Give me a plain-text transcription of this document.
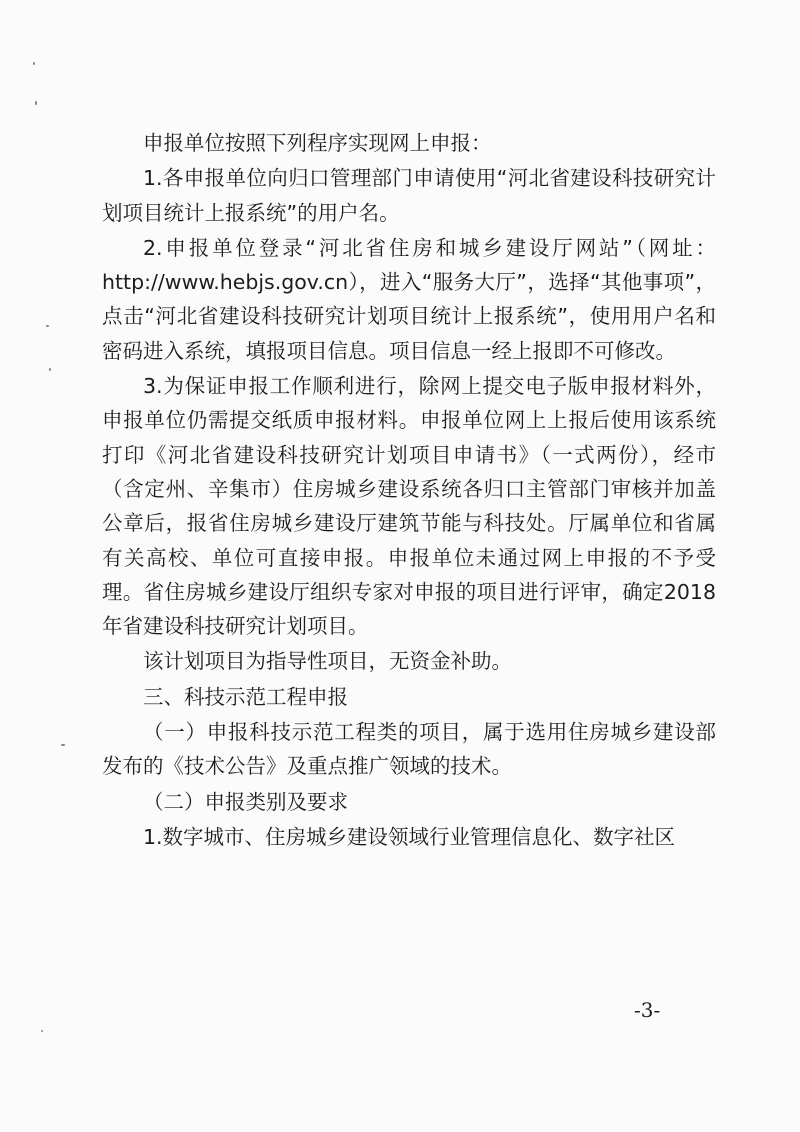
申报单位按照下列程序实现网上申报：

1.各申报单位向归口管理部门申请使用“河北省建设科技研究计划项目统计上报系统”的用户名。

2.申报单位登录“河北省住房和城乡建设厅网站”（网址：http://www.hebjs.gov.cn），进入“服务大厅”，选择“其他事项”，点击“河北省建设科技研究计划项目统计上报系统”，使用用户名和密码进入系统，填报项目信息。项目信息一经上报即不可修改。

3.为保证申报工作顺利进行，除网上提交电子版申报材料外，申报单位仍需提交纸质申报材料。申报单位网上上报后使用该系统打印《河北省建设科技研究计划项目申请书》（一式两份），经市（含定州、辛集市）住房城乡建设系统各归口主管部门审核并加盖公章后，报省住房城乡建设厅建筑节能与科技处。厅属单位和省属有关高校、单位可直接申报。申报单位未通过网上申报的不予受理。省住房城乡建设厅组织专家对申报的项目进行评审，确定2018年省建设科技研究计划项目。

该计划项目为指导性项目，无资金补助。

三、科技示范工程申报

（一）申报科技示范工程类的项目，属于选用住房城乡建设部发布的《技术公告》及重点推广领域的技术。

（二）申报类别及要求

1.数字城市、住房城乡建设领域行业管理信息化、数字社区

-3-
